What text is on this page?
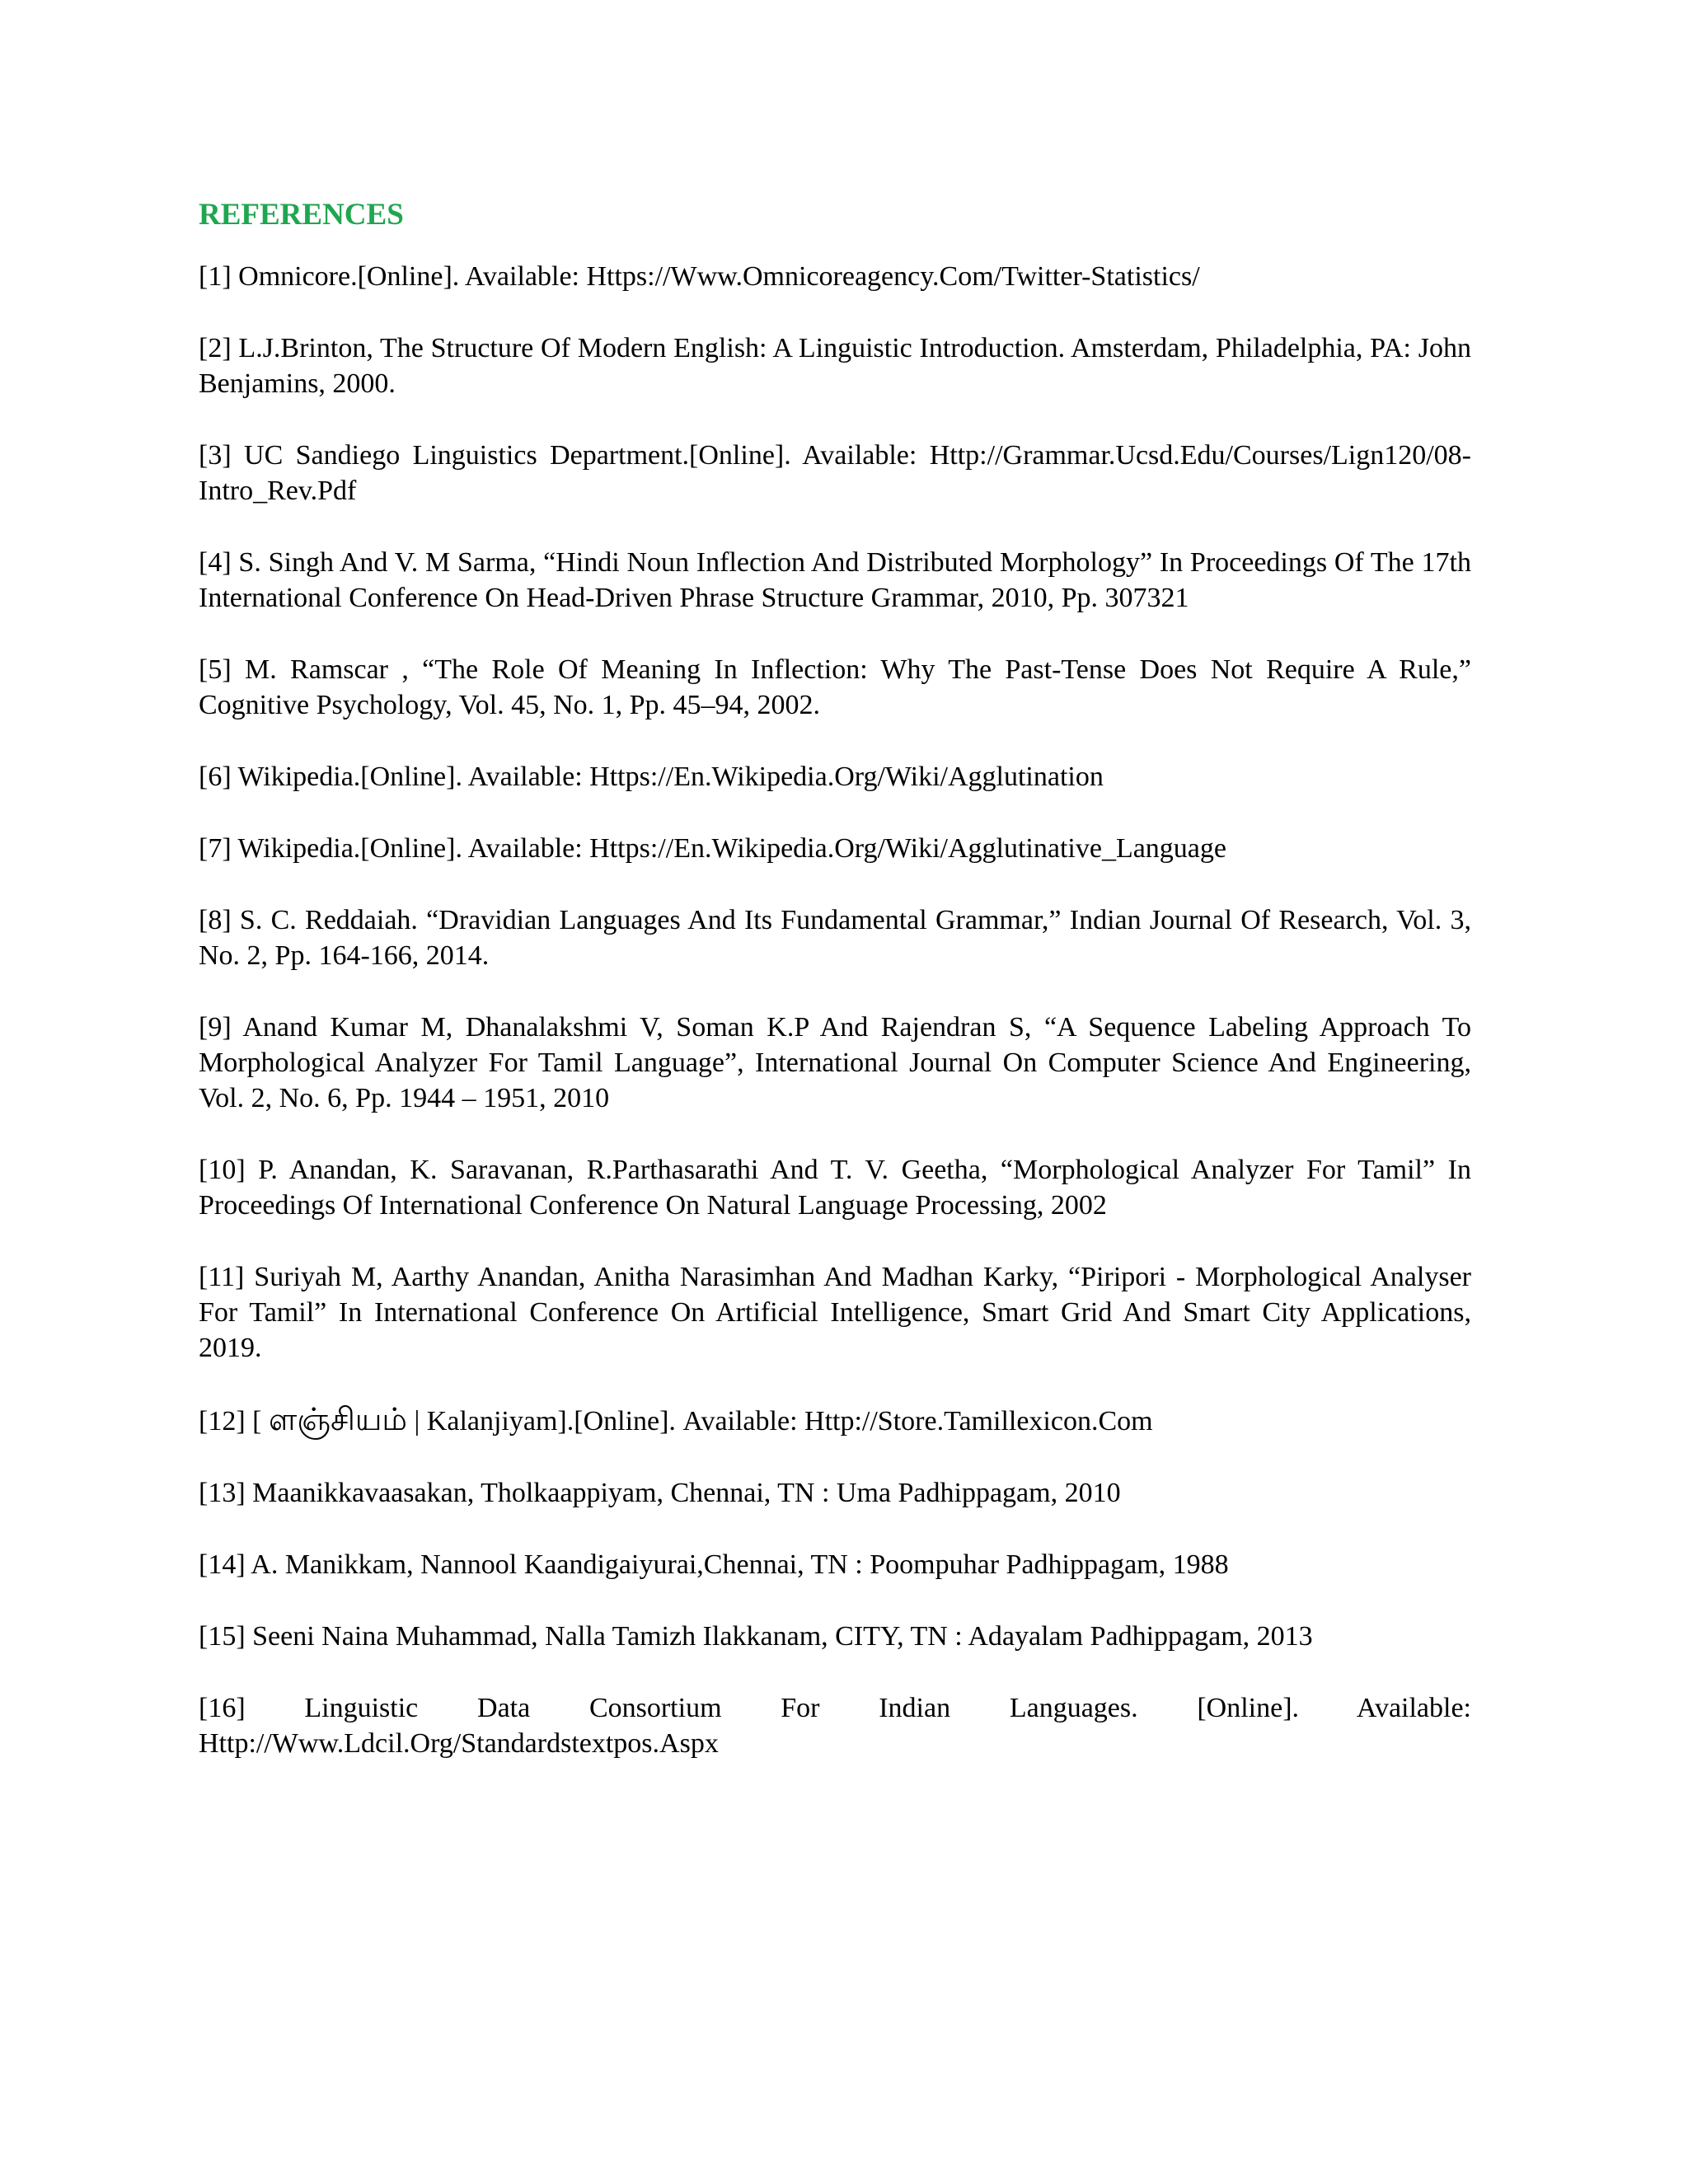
REFERENCES
[1] Omnicore.[Online]. Available: Https://Www.Omnicoreagency.Com/Twitter-Statistics/
[2] L.J.Brinton, The Structure Of Modern English: A Linguistic Introduction. Amsterdam, Philadelphia, PA: John Benjamins, 2000.
[3] UC Sandiego Linguistics Department.[Online]. Available: Http://Grammar.Ucsd.Edu/Courses/Lign120/08-Intro_Rev.Pdf
[4] S. Singh And V. M Sarma, “Hindi Noun Inflection And Distributed Morphology” In Proceedings Of The 17th International Conference On Head-Driven Phrase Structure Grammar, 2010, Pp. 307321
[5] M. Ramscar , “The Role Of Meaning In Inflection: Why The Past-Tense Does Not Require A Rule,” Cognitive Psychology, Vol. 45, No. 1, Pp. 45–94, 2002.
[6] Wikipedia.[Online]. Available: Https://En.Wikipedia.Org/Wiki/Agglutination
[7] Wikipedia.[Online]. Available: Https://En.Wikipedia.Org/Wiki/Agglutinative_Language
[8] S. C. Reddaiah. “Dravidian Languages And Its Fundamental Grammar,” Indian Journal Of Research, Vol. 3, No. 2, Pp. 164-166, 2014.
[9] Anand Kumar M, Dhanalakshmi V, Soman K.P And Rajendran S, “A Sequence Labeling Approach To Morphological Analyzer For Tamil Language”, International Journal On Computer Science And Engineering, Vol. 2, No. 6, Pp. 1944 – 1951, 2010
[10] P. Anandan, K. Saravanan, R.Parthasarathi And T. V. Geetha, “Morphological Analyzer For Tamil” In Proceedings Of International Conference On Natural Language Processing, 2002
[11] Suriyah M, Aarthy Anandan, Anitha Narasimhan And Madhan Karky, “Piripori - Morphological Analyser For Tamil” In International Conference On Artificial Intelligence, Smart Grid And Smart City Applications, 2019.
[12] [ ளஞ்சியம் | Kalanjiyam].[Online]. Available: Http://Store.Tamillexicon.Com
[13] Maanikkavaasakan, Tholkaappiyam, Chennai, TN : Uma Padhippagam, 2010
[14] A. Manikkam, Nannool Kaandigaiyurai,Chennai, TN : Poompuhar Padhippagam, 1988
[15] Seeni Naina Muhammad, Nalla Tamizh Ilakkanam, CITY, TN : Adayalam Padhippagam, 2013
[16] Linguistic Data Consortium For Indian Languages. [Online]. Available: Http://Www.Ldcil.Org/Standardstextpos.Aspx
